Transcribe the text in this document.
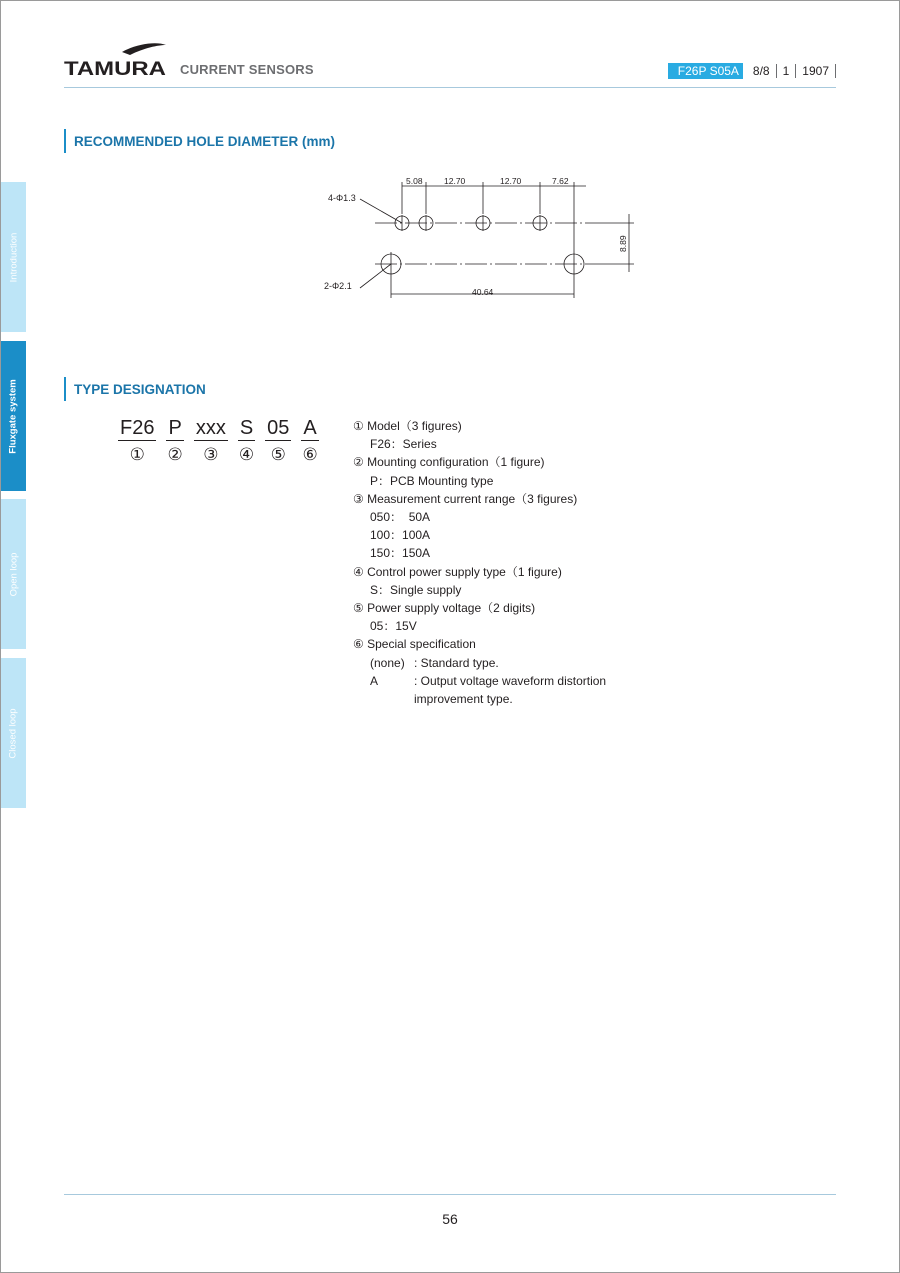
TAMURA CURRENT SENSORS	F26P S05A	8/8 1 1907
Introduction
Fluxgate system
Open loop
Closed loop
RECOMMENDED HOLE DIAMETER (mm)
5.08	12.70	12.70	7.62
40.64
8.89
4-Φ1.3
2-Φ2.1
TYPE DESIGNATION
F26
①
P
②
xxx
③
S
④
05
⑤
A
⑥
① Model（3 figures)
F26：Series
② Mounting configuration（1 figure)
P：PCB Mounting type
③ Measurement current range（3 figures)
050：  50A
100：100A
150：150A
④ Control power supply type（1 figure)
S：Single supply
⑤ Power supply voltage（2 digits)
05：15V
⑥ Special specification
(none) : Standard type.
A	: Output voltage waveform distortion
improvement type.
56
